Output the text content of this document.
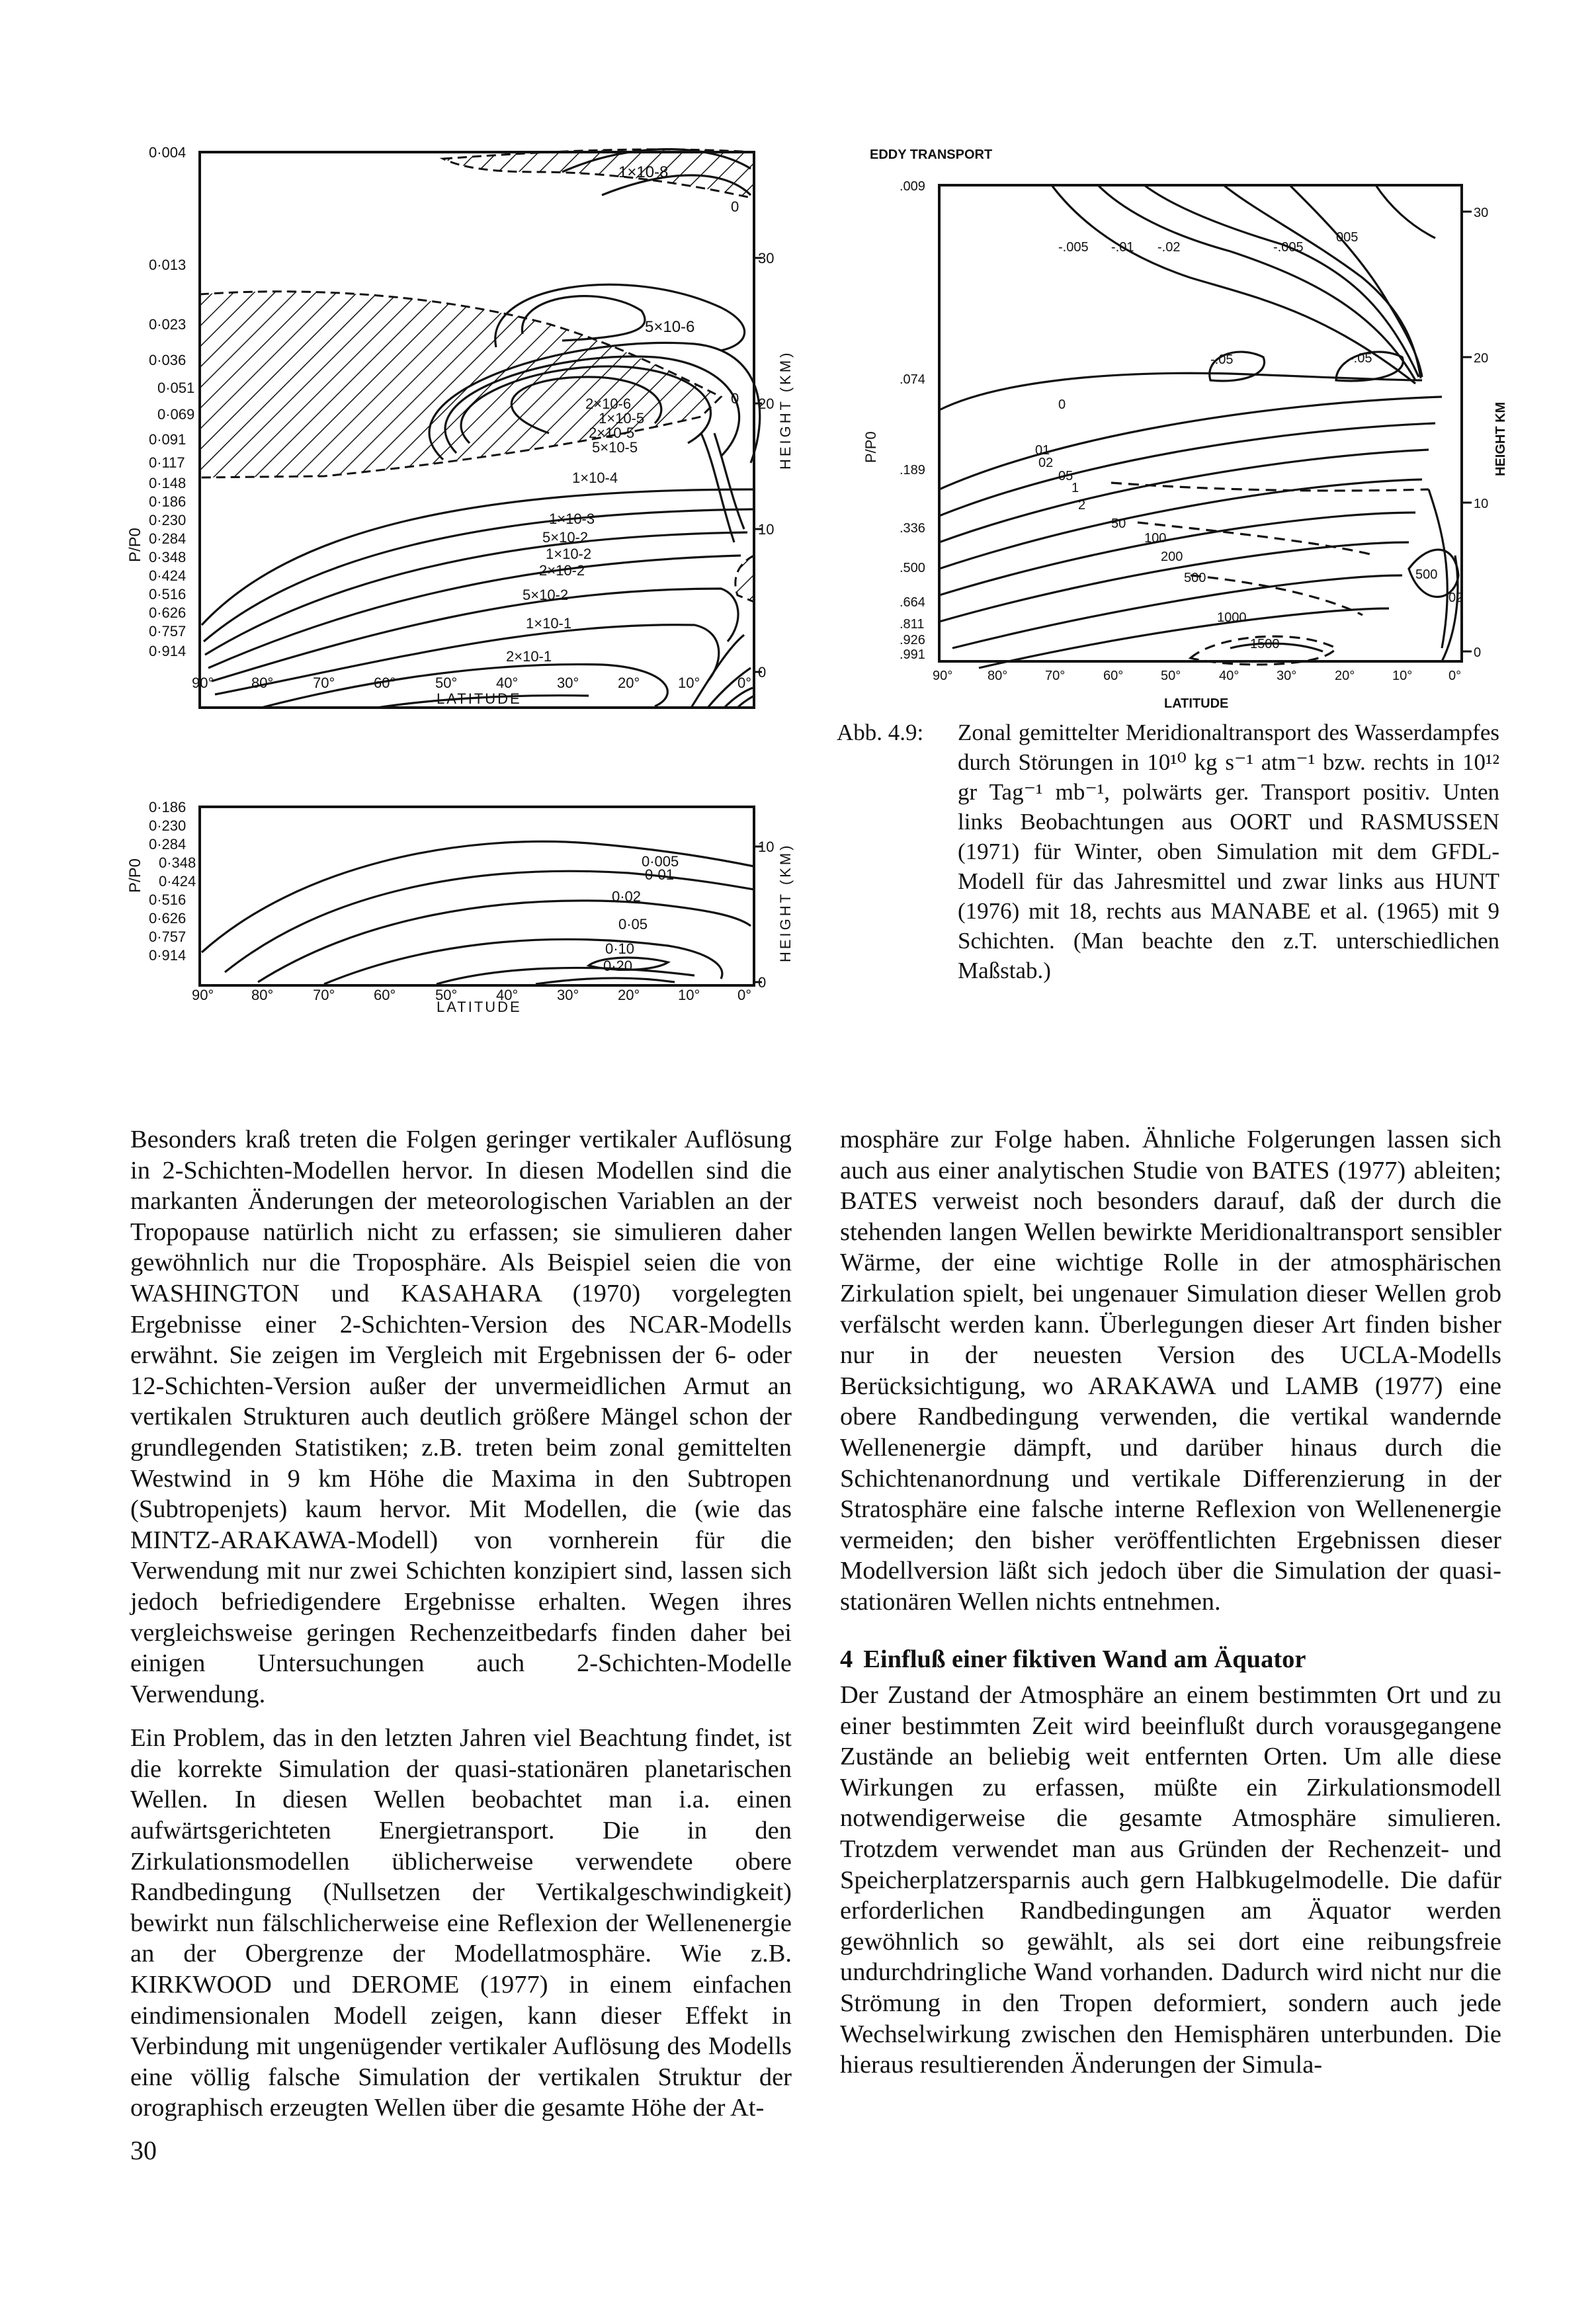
1×10-8
5×10-6
2×10-6
1×10-5
2×10-5
5×10-5
1×10-4
1×10-3
5×10-2
1×10-2
2×10-2
5×10-2
1×10-1
2×10-1
0
0
0·004
0·013
0·023
0·036
0·051
0·069
0·091
0·117
0·148
0·186
0·230
0·284
0·348
0·424
0·516
0·626
0·757
0·914
P/P0
30
20
10
0
HEIGHT (KM)
90°	80°	70°	60°	50°	40°	30°	20°	10°	0°
LATITUDE
0·005
0·01
0·02
0·05
0·10
0·20
0·186
0·230
0·284
0·348
0·424
0·516
0·626
0·757
0·914
P/P0
10
0
HEIGHT (KM)
90°	80°	70°	60°	50°	40°	30°	20°	10°	0°
LATITUDE
EDDY TRANSPORT
-.005 -.01 -.02	-.005
005
-.05	-.05
0
01
02
05
1
2
50
100
200
500	500
02
1000
1500
.009
.074
.189
.336
.500
.664
.811
.926
.991
P/P0
30
20
10
0
HEIGHT KM
90°	80°	70°	60°	50°	40°	30°	20°	10°	0°
LATITUDE
Abb. 4.9: Zonal gemittelter Meridionaltransport des Wasserdampfes durch Störungen in 10¹⁰ kg s⁻¹ atm⁻¹ bzw. rechts in 10¹² gr Tag⁻¹ mb⁻¹, polwärts ger. Transport positiv. Unten links Beobachtungen aus OORT und RASMUSSEN (1971) für Winter, oben Simulation mit dem GFDL-Modell für das Jahresmittel und zwar links aus HUNT (1976) mit 18, rechts aus MANABE et al. (1965) mit 9 Schichten. (Man beachte den z.T. unterschiedlichen Maßstab.)

Besonders kraß treten die Folgen geringer vertikaler Auflösung in 2-Schichten-Modellen hervor. In diesen Modellen sind die markanten Änderungen der meteorologischen Variablen an der Tropopause natürlich nicht zu erfassen; sie simulieren daher gewöhnlich nur die Troposphäre. Als Beispiel seien die von WASHINGTON und KASAHARA (1970) vorgelegten Ergebnisse einer 2-Schichten-Version des NCAR-Modells erwähnt. Sie zeigen im Vergleich mit Ergebnissen der 6- oder 12-Schichten-Version außer der unvermeidlichen Armut an vertikalen Strukturen auch deutlich größere Mängel schon der grundlegenden Statistiken; z.B. treten beim zonal gemittelten Westwind in 9 km Höhe die Maxima in den Subtropen (Subtropenjets) kaum hervor. Mit Modellen, die (wie das MINTZ-ARAKAWA-Modell) von vornherein für die Verwendung mit nur zwei Schichten konzipiert sind, lassen sich jedoch befriedigendere Ergebnisse erhalten. Wegen ihres vergleichsweise geringen Rechenzeitbedarfs finden daher bei einigen Untersuchungen auch 2-Schichten-Modelle Verwendung.

Ein Problem, das in den letzten Jahren viel Beachtung findet, ist die korrekte Simulation der quasi-stationären planetarischen Wellen. In diesen Wellen beobachtet man i.a. einen aufwärtsgerichteten Energietransport. Die in den Zirkulationsmodellen üblicherweise verwendete obere Randbedingung (Nullsetzen der Vertikalgeschwindigkeit) bewirkt nun fälschlicherweise eine Reflexion der Wellenenergie an der Obergrenze der Modellatmosphäre. Wie z.B. KIRKWOOD und DEROME (1977) in einem einfachen eindimensionalen Modell zeigen, kann dieser Effekt in Verbindung mit ungenügender vertikaler Auflösung des Modells eine völlig falsche Simulation der vertikalen Struktur der orographisch erzeugten Wellen über die gesamte Höhe der At-

mosphäre zur Folge haben. Ähnliche Folgerungen lassen sich auch aus einer analytischen Studie von BATES (1977) ableiten; BATES verweist noch besonders darauf, daß der durch die stehenden langen Wellen bewirkte Meridionaltransport sensibler Wärme, der eine wichtige Rolle in der atmosphärischen Zirkulation spielt, bei ungenauer Simulation dieser Wellen grob verfälscht werden kann. Überlegungen dieser Art finden bisher nur in der neuesten Version des UCLA-Modells Berücksichtigung, wo ARAKAWA und LAMB (1977) eine obere Randbedingung verwenden, die vertikal wandernde Wellenenergie dämpft, und darüber hinaus durch die Schichtenanordnung und vertikale Differenzierung in der Stratosphäre eine falsche interne Reflexion von Wellenenergie vermeiden; den bisher veröffentlichten Ergebnissen dieser Modellversion läßt sich jedoch über die Simulation der quasi-stationären Wellen nichts entnehmen.

4 Einfluß einer fiktiven Wand am Äquator

Der Zustand der Atmosphäre an einem bestimmten Ort und zu einer bestimmten Zeit wird beeinflußt durch vorausgegangene Zustände an beliebig weit entfernten Orten. Um alle diese Wirkungen zu erfassen, müßte ein Zirkulationsmodell notwendigerweise die gesamte Atmosphäre simulieren. Trotzdem verwendet man aus Gründen der Rechenzeit- und Speicherplatzersparnis auch gern Halbkugelmodelle. Die dafür erforderlichen Randbedingungen am Äquator werden gewöhnlich so gewählt, als sei dort eine reibungsfreie undurchdringliche Wand vorhanden. Dadurch wird nicht nur die Strömung in den Tropen deformiert, sondern auch jede Wechselwirkung zwischen den Hemisphären unterbunden. Die hieraus resultierenden Änderungen der Simula-

30
